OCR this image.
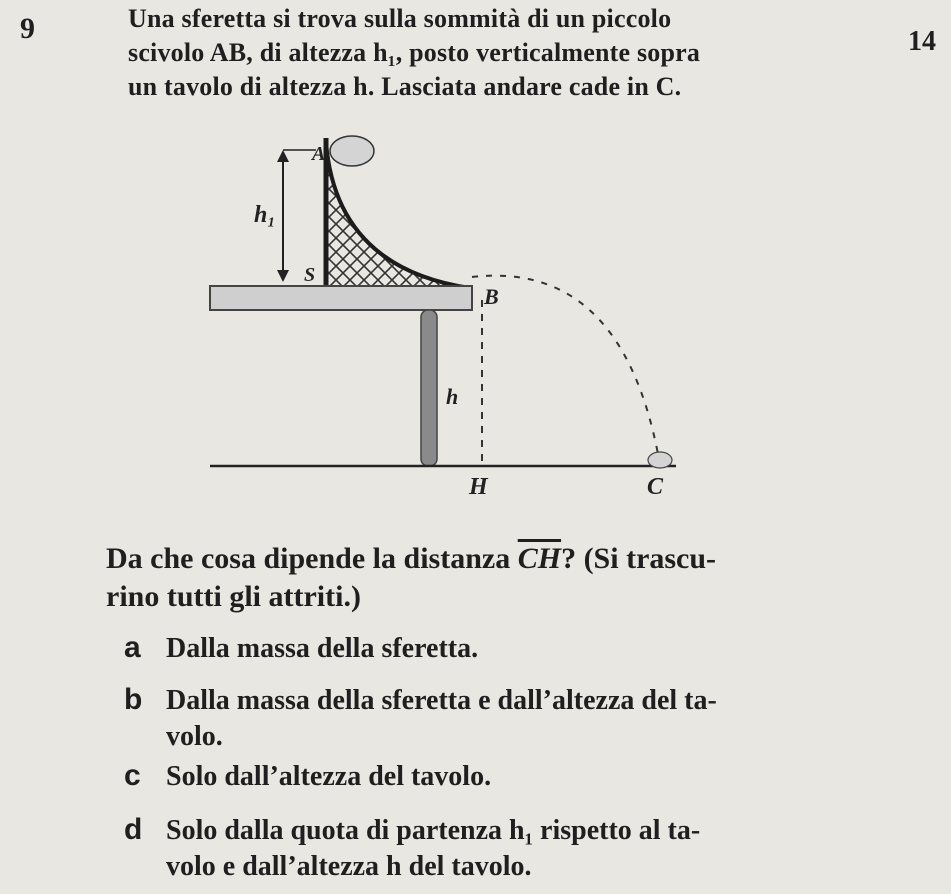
9	14
Una sferetta si trova sulla sommità di un piccolo
scivolo AB, di altezza h₁, posto verticalmente sopra
un tavolo di altezza h. Lasciata andare cade in C.
A
h₁
S
B
h
H	C
Da che cosa dipende la distanza $\overline{CH}$? (Si trascu-
rino tutti gli attriti.)
a Dalla massa della sferetta.
b Dalla massa della sferetta e dall’altezza del ta-
volo.
c Solo dall’altezza del tavolo.
d Solo dalla quota di partenza h₁ rispetto al ta-
volo e dall’altezza h del tavolo.
